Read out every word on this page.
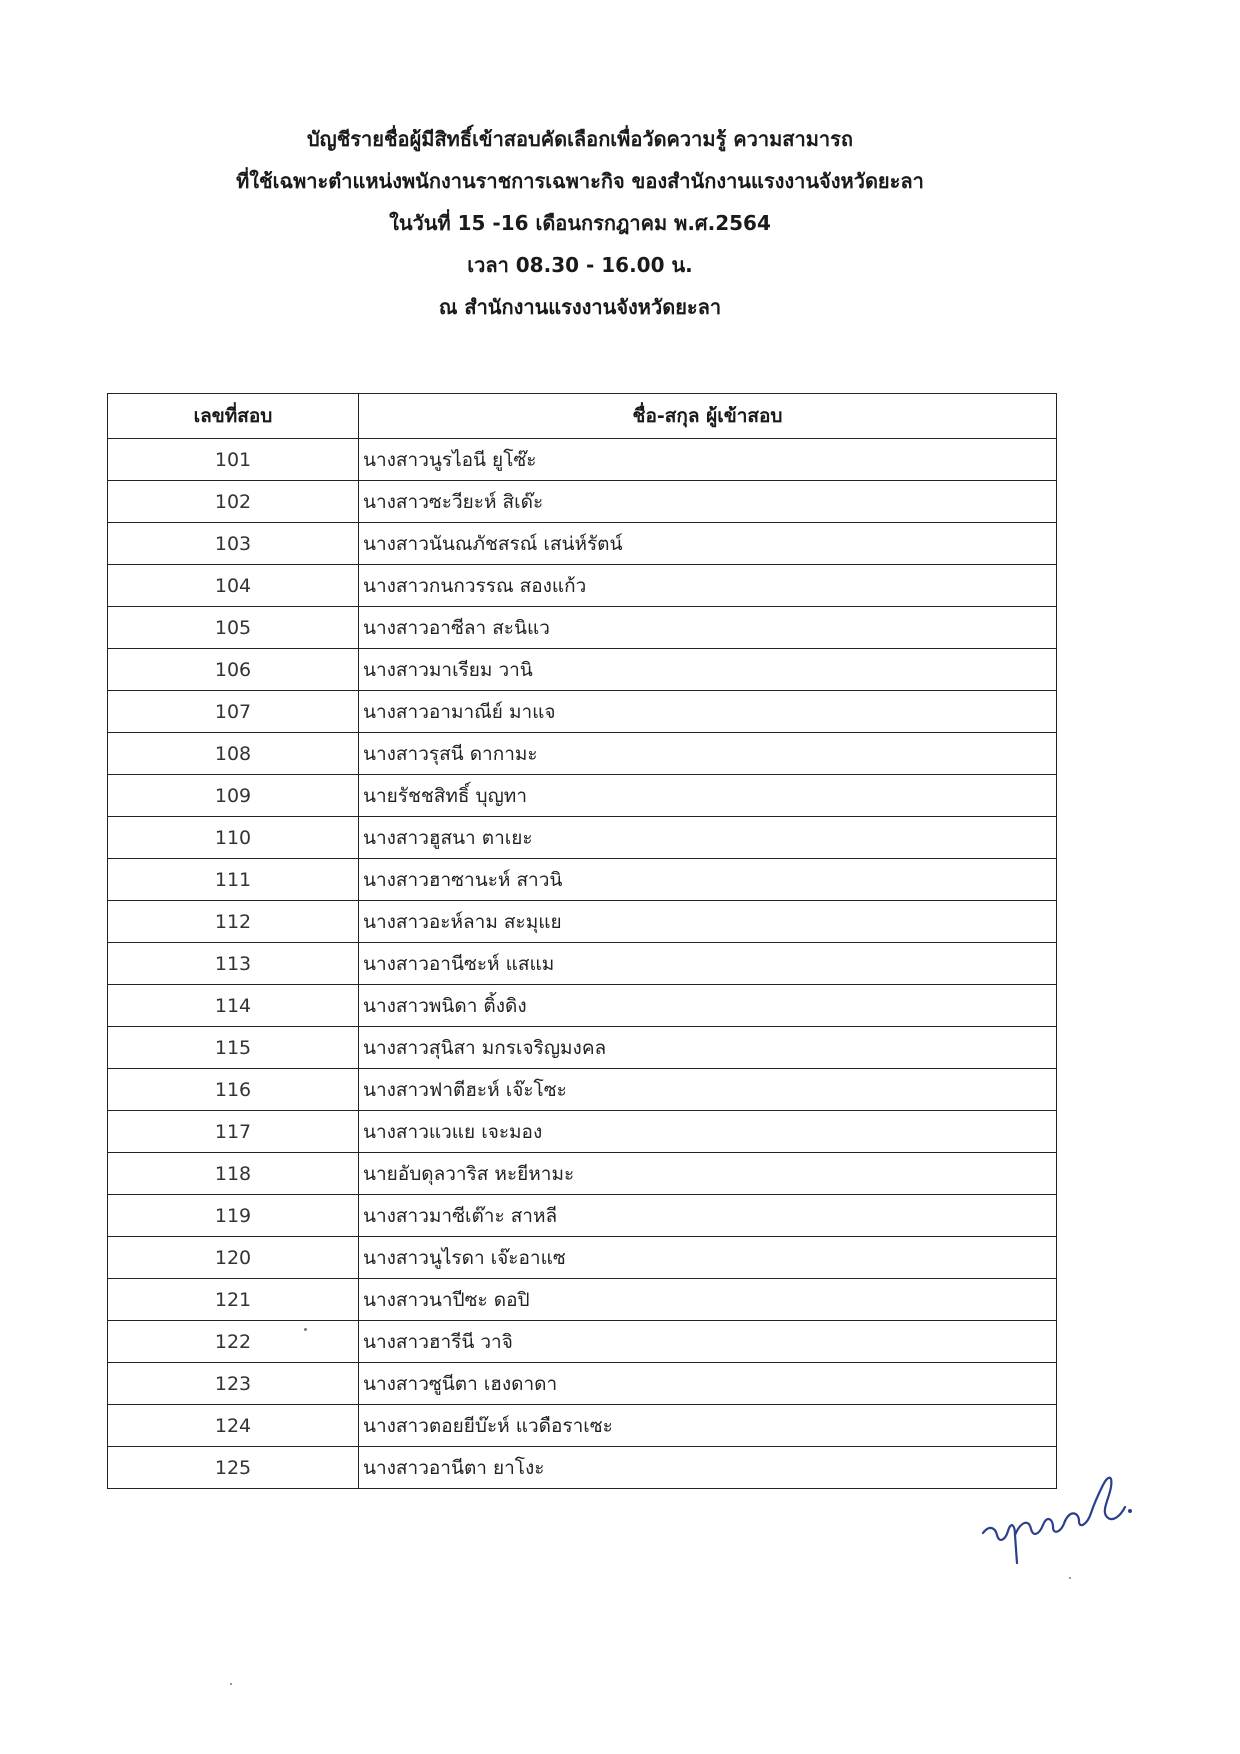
บัญชีรายชื่อผู้มีสิทธิ์เข้าสอบคัดเลือกเพื่อวัดความรู้ ความสามารถ
ที่ใช้เฉพาะตำแหน่งพนักงานราชการเฉพาะกิจ ของสำนักงานแรงงานจังหวัดยะลา
ในวันที่ 15 -16 เดือนกรกฎาคม พ.ศ.2564
เวลา 08.30 - 16.00 น.
ณ สำนักงานแรงงานจังหวัดยะลา
เลขที่สอบ	ชื่อ-สกุล ผู้เข้าสอบ
101	นางสาวนูรไอนี ยูโซ๊ะ
102	นางสาวซะวียะห์ สิเด๊ะ
103	นางสาวนันณภัชสรณ์ เสน่ห์รัตน์
104	นางสาวกนกวรรณ สองแก้ว
105	นางสาวอาซีลา สะนิแว
106	นางสาวมาเรียม วานิ
107	นางสาวอามาณีย์ มาแจ
108	นางสาวรุสนี ดากามะ
109	นายรัชชสิทธิ์ บุญทา
110	นางสาวฮูสนา ตาเยะ
111	นางสาวฮาซานะห์ สาวนิ
112	นางสาวอะห์ลาม สะมุแย
113	นางสาวอานีซะห์ แสแม
114	นางสาวพนิดา ติ้งดิง
115	นางสาวสุนิสา มกรเจริญมงคล
116	นางสาวฟาตีฮะห์ เจ๊ะโซะ
117	นางสาวแวแย เจะมอง
118	นายอับดุลวาริส หะยีหามะ
119	นางสาวมาซีเต๊าะ สาหลี
120	นางสาวนูไรดา เจ๊ะอาแซ
121	นางสาวนาปีซะ ดอปิ
122	นางสาวฮารีนี วาจิ
123	นางสาวซูนีตา เฮงดาดา
124	นางสาวตอยยีบ๊ะห์ แวดือราเซะ
125	นางสาวอานีตา ยาโงะ
